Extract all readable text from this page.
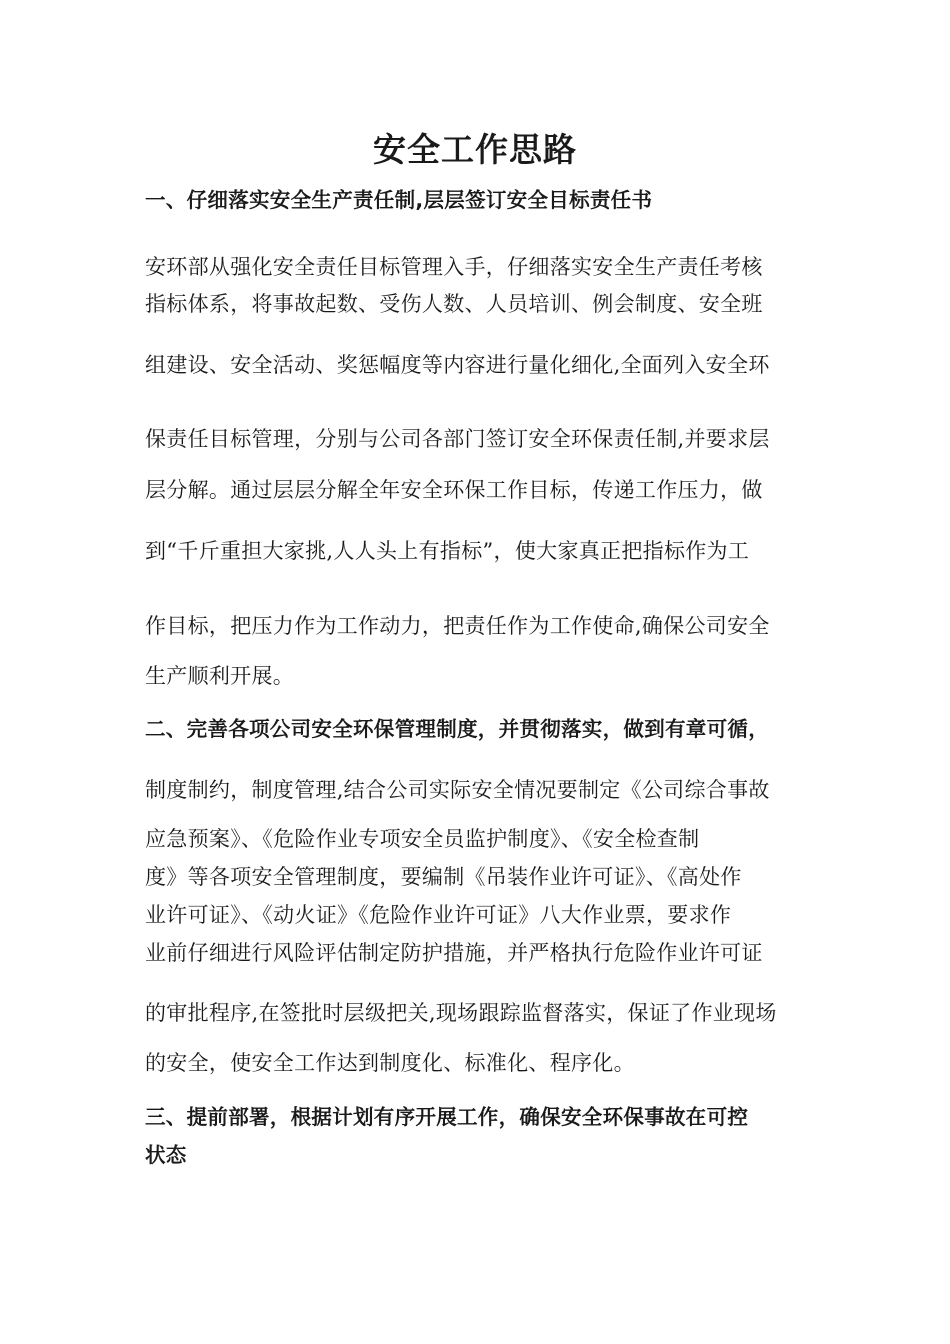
安全工作思路
一、仔细落实安全生产责任制,层层签订安全目标责任书
安环部从强化安全责任目标管理入手，仔细落实安全生产责任考核
指标体系，将事故起数、受伤人数、人员培训、例会制度、安全班
组建设、安全活动、奖惩幅度等内容进行量化细化,全面列入安全环
保责任目标管理，分别与公司各部门签订安全环保责任制,并要求层
层分解。通过层层分解全年安全环保工作目标，传递工作压力，做
到“千斤重担大家挑,人人头上有指标”，使大家真正把指标作为工
作目标，把压力作为工作动力，把责任作为工作使命,确保公司安全
生产顺利开展。
二、完善各项公司安全环保管理制度，并贯彻落实，做到有章可循，
制度制约，制度管理,结合公司实际安全情况要制定《公司综合事故
应急预案》、《危险作业专项安全员监护制度》、《安全检查制
度》等各项安全管理制度，要编制《吊装作业许可证》、《高处作
业许可证》、《动火证》《危险作业许可证》八大作业票，要求作
业前仔细进行风险评估制定防护措施，并严格执行危险作业许可证
的审批程序,在签批时层级把关,现场跟踪监督落实，保证了作业现场
的安全，使安全工作达到制度化、标准化、程序化。
三、提前部署，根据计划有序开展工作，确保安全环保事故在可控
状态
